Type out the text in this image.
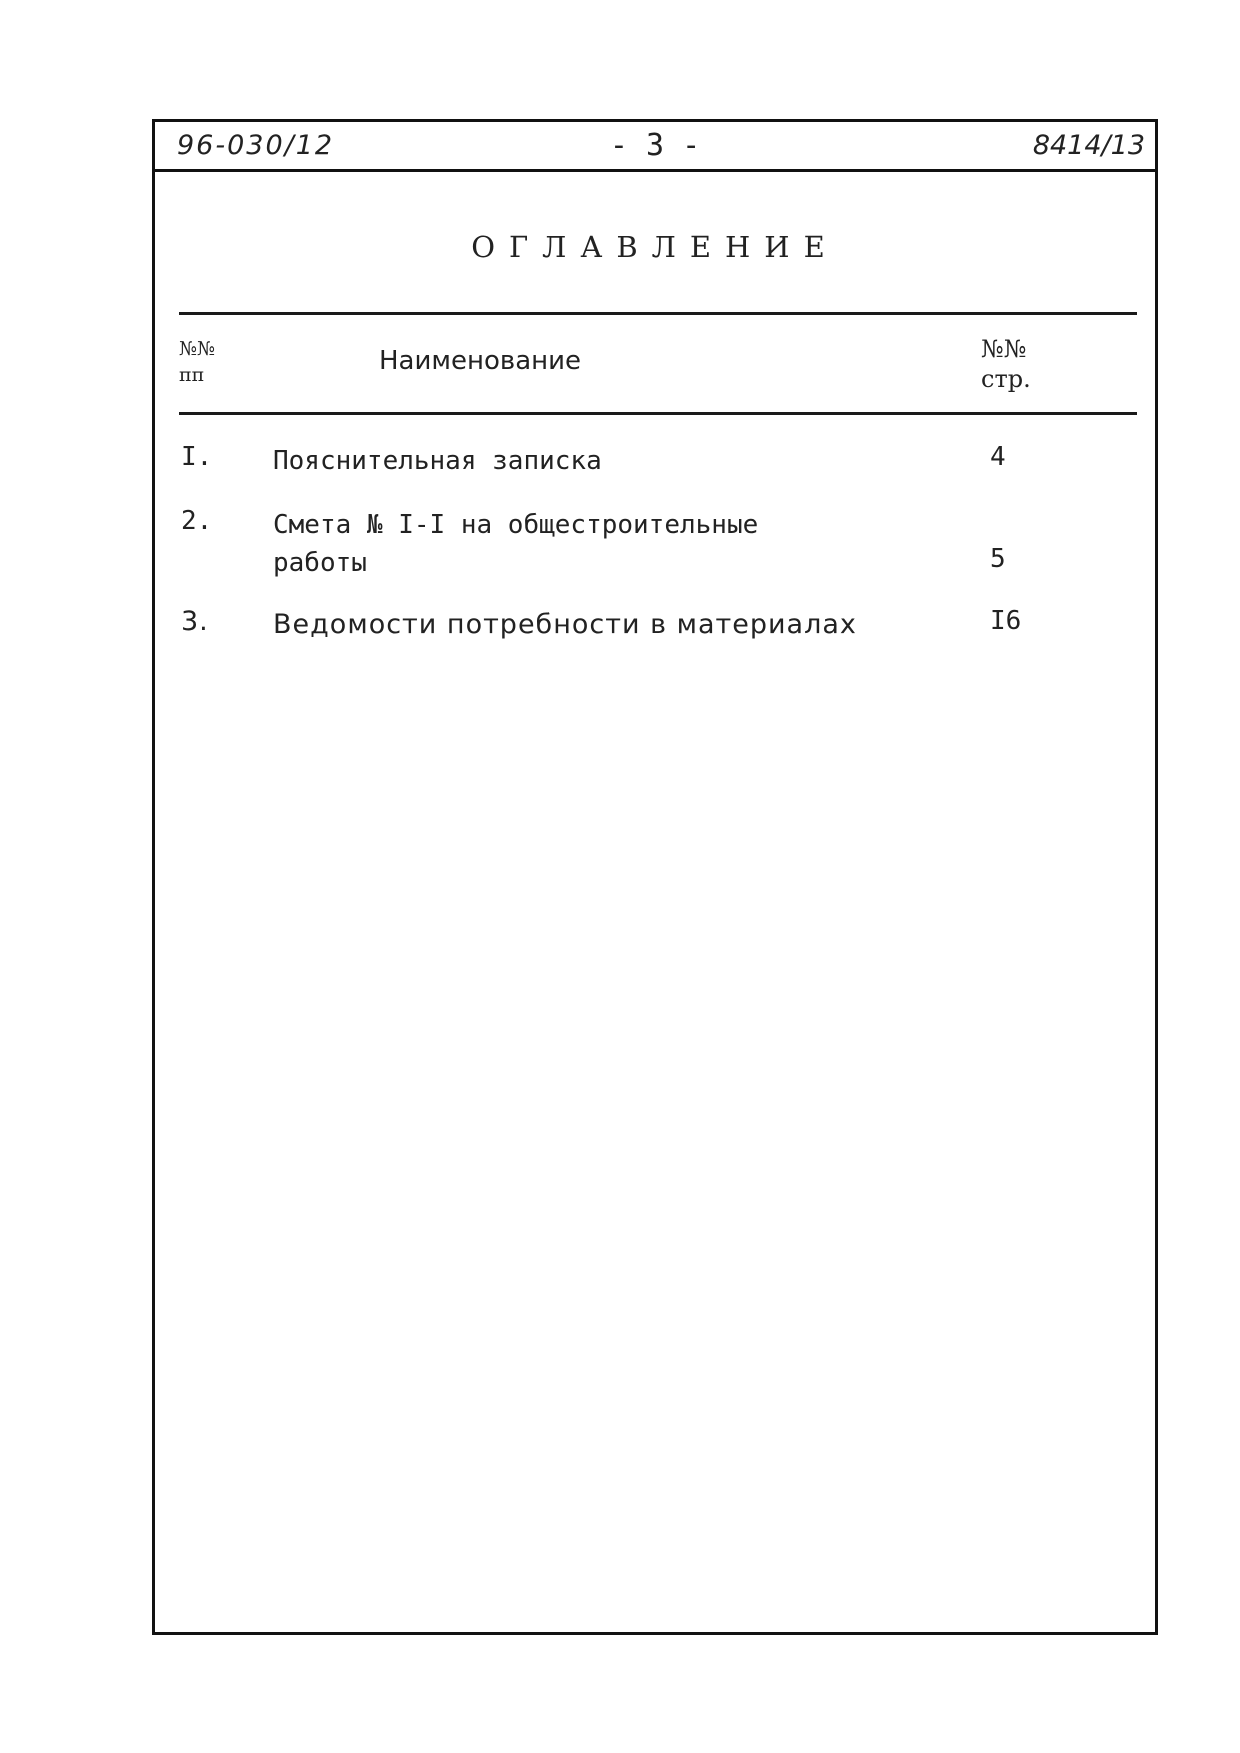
96-030/12	- 3 -	8414/13
ОГЛАВЛЕНИЕ
№№
пп	Наименование	№№
стр.
I. Пояснительная записка	4
2. Смета № I-I на общестроительные
работы	5
3. Ведомости потребности в материалах	I6
